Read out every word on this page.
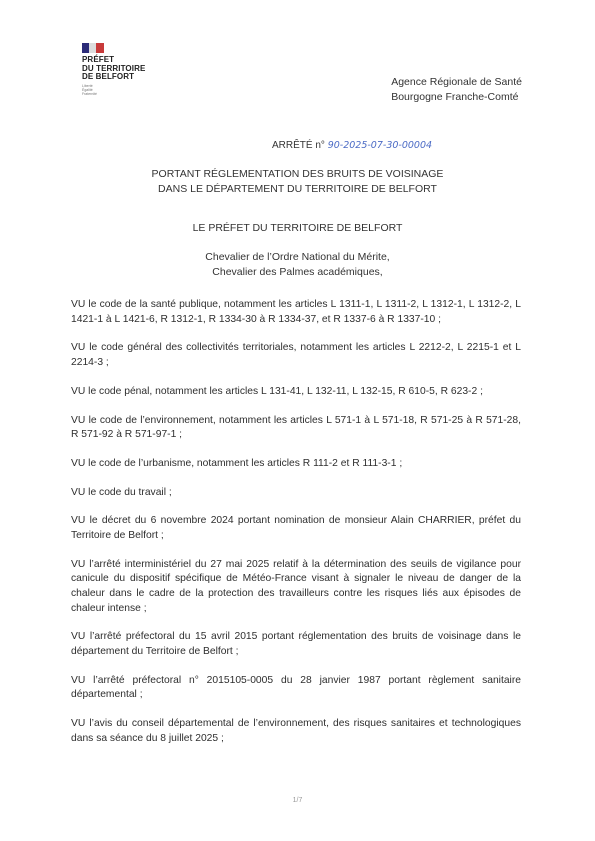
PRÉFET
DU TERRITOIRE
DE BELFORT
Liberté
Égalité
Fraternité
Agence Régionale de Santé
Bourgogne Franche-Comté
ARRÊTÉ n° 90-2025-07-30-00004
PORTANT RÉGLEMENTATION DES BRUITS DE VOISINAGE
DANS LE DÉPARTEMENT DU TERRITOIRE DE BELFORT
LE PRÉFET DU TERRITOIRE DE BELFORT
Chevalier de l’Ordre National du Mérite,
Chevalier des Palmes académiques,

VU le code de la santé publique, notamment les articles L 1311-1, L 1311-2, L 1312-1, L 1312-2, L 1421-1 à L 1421-6, R 1312-1, R 1334-30 à R 1334-37, et R 1337-6 à R 1337-10 ;

VU le code général des collectivités territoriales, notamment les articles L 2212-2, L 2215-1 et L 2214-3 ;

VU le code pénal, notamment les articles L 131-41, L 132-11, L 132-15, R 610-5, R 623-2 ;

VU le code de l’environnement, notamment les articles L 571-1 à L 571-18, R 571-25 à R 571-28, R 571-92 à R 571-97-1 ;

VU le code de l’urbanisme, notamment les articles R 111-2 et R 111-3-1 ;

VU le code du travail ;

VU le décret du 6 novembre 2024 portant nomination de monsieur Alain CHARRIER, préfet du Territoire de Belfort ;

VU l’arrêté interministériel du 27 mai 2025 relatif à la détermination des seuils de vigilance pour canicule du dispositif spécifique de Météo-France visant à signaler le niveau de danger de la chaleur dans le cadre de la protection des travailleurs contre les risques liés aux épisodes de chaleur intense ;

VU l’arrêté préfectoral du 15 avril 2015 portant réglementation des bruits de voisinage dans le département du Territoire de Belfort ;

VU l’arrêté préfectoral n° 2015105-0005 du 28 janvier 1987 portant règlement sanitaire départemental ;

VU l’avis du conseil départemental de l’environnement, des risques sanitaires et technologiques dans sa séance du 8 juillet 2025 ;

1/7
